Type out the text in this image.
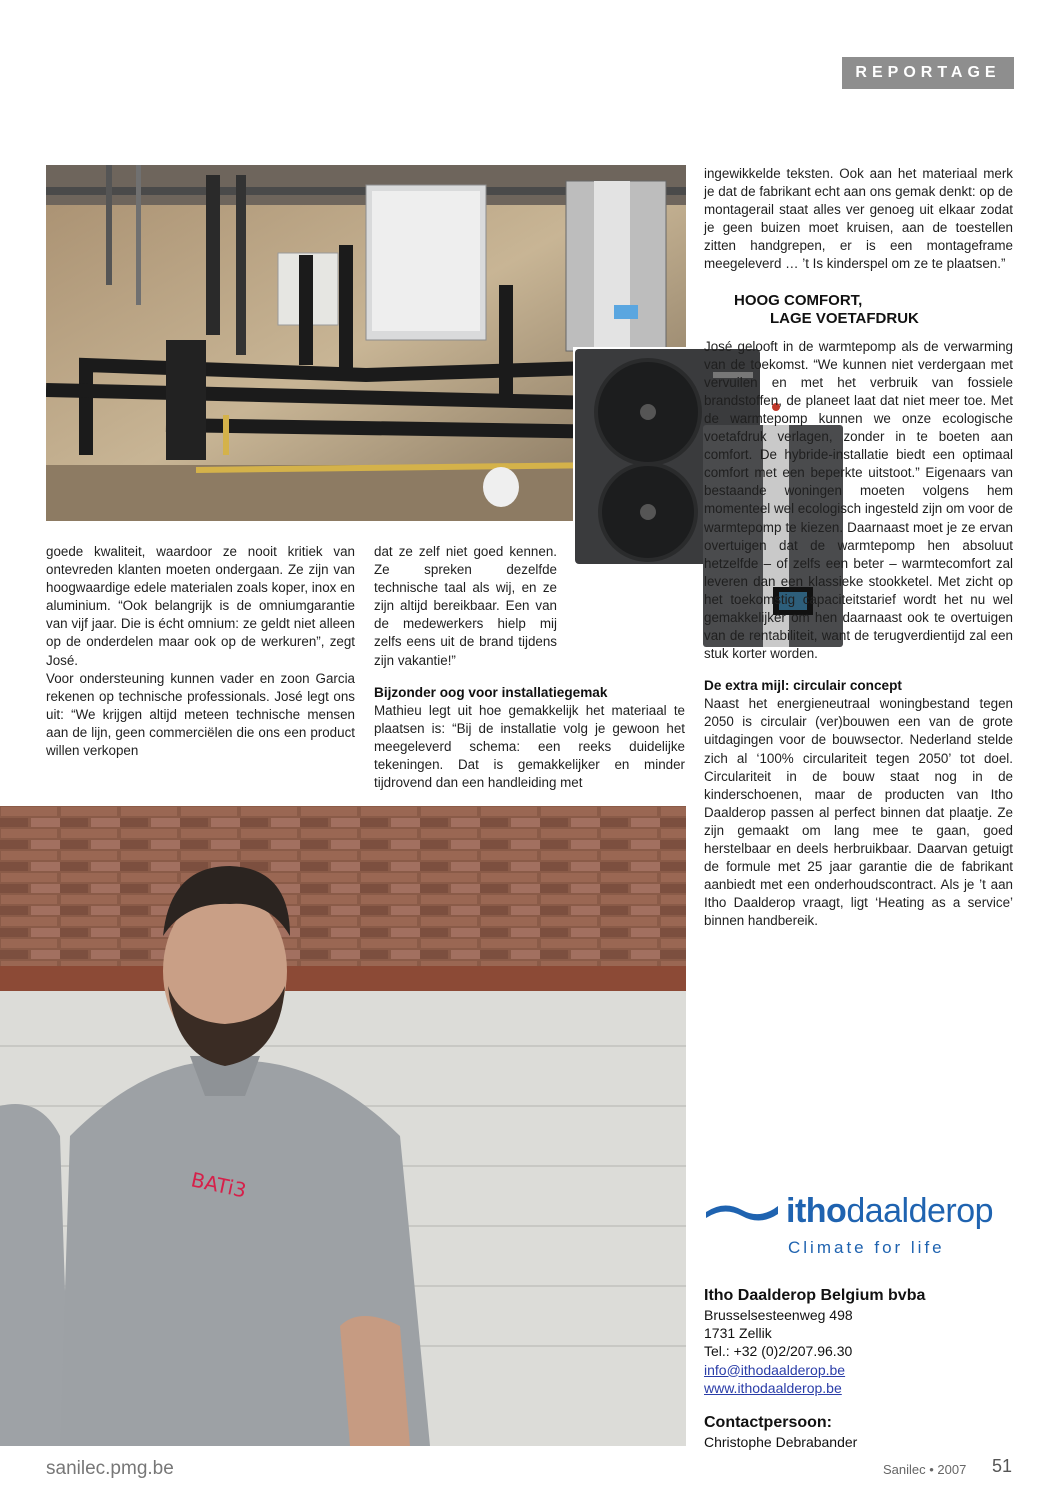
REPORTAGE

goede kwaliteit, waardoor ze nooit kritiek van ontevreden klanten moeten ondergaan. Ze zijn van hoogwaardige edele materialen zoals koper, inox en aluminium. “Ook belangrijk is de omniumgarantie van vijf jaar. Die is écht omnium: ze geldt niet alleen op de onderdelen maar ook op de werkuren”, zegt José.

Voor ondersteuning kunnen vader en zoon Garcia rekenen op technische professionals. José legt ons uit: “We krijgen altijd meteen technische mensen aan de lijn, geen commerciëlen die ons een product willen verkopen

dat ze zelf niet goed kennen. Ze spreken dezelfde technische taal als wij, en ze zijn altijd bereikbaar. Een van de medewerkers hielp mij zelfs eens uit de brand tijdens zijn vakantie!”

Bijzonder oog voor installatiegemak

Mathieu legt uit hoe gemakkelijk het materiaal te plaatsen is: “Bij de installatie volg je gewoon het meegeleverd schema: een reeks duidelijke tekeningen. Dat is gemakkelijker en minder tijdrovend dan een handleiding met

ingewikkelde teksten. Ook aan het materiaal merk je dat de fabrikant echt aan ons gemak denkt: op de montagerail staat alles ver genoeg uit elkaar zodat je geen buizen moet kruisen, aan de toestellen zitten handgrepen, er is een montageframe meegeleverd … ’t Is kinderspel om ze te plaatsen.”

HOOG COMFORT,
LAGE VOETAFDRUK

José gelooft in de warmtepomp als de verwarming van de toekomst. “We kunnen niet verdergaan met vervuilen en met het verbruik van fossiele brandstoffen, de planeet laat dat niet meer toe. Met de warmtepomp kunnen we onze ecologische voetafdruk verlagen, zonder in te boeten aan comfort. De hybride-installatie biedt een optimaal comfort met een beperkte uitstoot.” Eigenaars van bestaande woningen moeten volgens hem momenteel wel ecologisch ingesteld zijn om voor de warmtepomp te kiezen. Daarnaast moet je ze ervan overtuigen dat de warmtepomp hen absoluut hetzelfde – of zelfs een beter – warmtecomfort zal leveren dan een klassieke stookketel. Met zicht op het toekomstig capaciteitstarief wordt het nu wel gemakkelijker om hen daarnaast ook te overtuigen van de rentabiliteit, want de terugverdientijd zal een stuk korter worden.

De extra mijl: circulair concept

Naast het energieneutraal woningbestand tegen 2050 is circulair (ver)bouwen een van de grote uitdagingen voor de bouwsector. Nederland stelde zich al ‘100% circulariteit tegen 2050’ tot doel. Circulariteit in de bouw staat nog in de kinderschoenen, maar de producten van Itho Daalderop passen al perfect binnen dat plaatje. Ze zijn gemaakt om lang mee te gaan, goed herstelbaar en deels herbruikbaar. Daarvan getuigt de formule met 25 jaar garantie die de fabrikant aanbiedt met een onderhoudscontract. Als je ’t aan Itho Daalderop vraagt, ligt ‘Heating as a service’ binnen handbereik.

BATi3
ithodaalderop
Climate for life
Itho Daalderop Belgium bvba
Brusselsesteenweg 498
1731 Zellik
Tel.: +32 (0)2/207.96.30
info@ithodaalderop.be
www.ithodaalderop.be
Contactpersoon:
Christophe Debrabander
sanilec.pmg.be	Sanilec • 2007 51
